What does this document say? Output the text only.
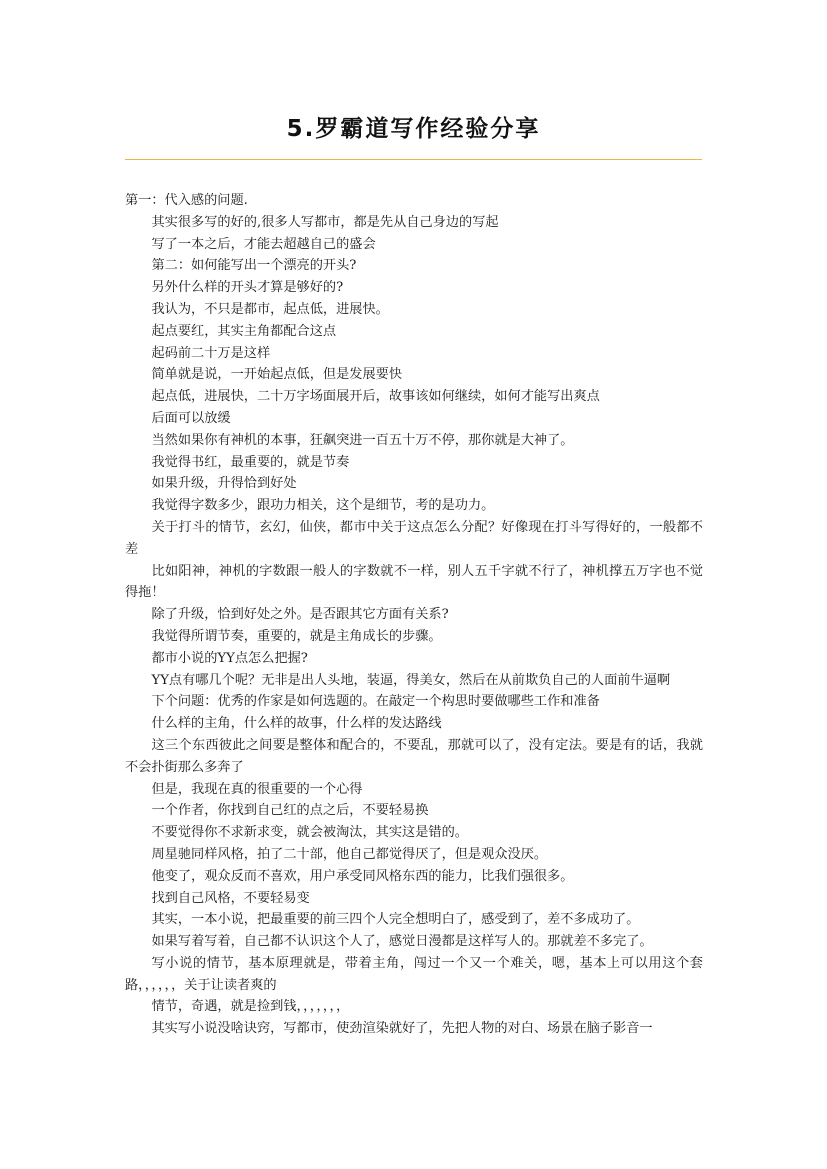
5.罗霸道写作经验分享

第一：代入感的问题.

其实很多写的好的,很多人写都市，都是先从自己身边的写起

写了一本之后，才能去超越自己的盛会

第二：如何能写出一个漂亮的开头?

另外什么样的开头才算是够好的?

我认为，不只是都市，起点低，进展快。

起点要红，其实主角都配合这点

起码前二十万是这样

简单就是说，一开始起点低，但是发展要快

起点低，进展快，二十万字场面展开后，故事该如何继续，如何才能写出爽点

后面可以放缓

当然如果你有神机的本事，狂飙突进一百五十万不停，那你就是大神了。

我觉得书红，最重要的，就是节奏

如果升级，升得恰到好处

我觉得字数多少，跟功力相关，这个是细节，考的是功力。

关于打斗的情节，玄幻，仙侠，都市中关于这点怎么分配？好像现在打斗写得好的，一般都不差

比如阳神，神机的字数跟一般人的字数就不一样，别人五千字就不行了，神机撑五万字也不觉得拖！

除了升级，恰到好处之外。是否跟其它方面有关系?

我觉得所谓节奏，重要的，就是主角成长的步骤。

都市小说的YY点怎么把握?

YY点有哪几个呢？无非是出人头地，装逼，得美女，然后在从前欺负自己的人面前牛逼啊

下个问题：优秀的作家是如何选题的。在敲定一个构思时要做哪些工作和准备

什么样的主角，什么样的故事，什么样的发达路线

这三个东西彼此之间要是整体和配合的，不要乱，那就可以了，没有定法。要是有的话，我就不会扑街那么多奔了

但是，我现在真的很重要的一个心得

一个作者，你找到自己红的点之后，不要轻易换

不要觉得你不求新求变，就会被淘汰，其实这是错的。

周星驰同样风格，拍了二十部，他自己都觉得厌了，但是观众没厌。

他变了，观众反而不喜欢，用户承受同风格东西的能力，比我们强很多。

找到自己风格，不要轻易变

其实，一本小说，把最重要的前三四个人完全想明白了，感受到了，差不多成功了。

如果写着写着，自己都不认识这个人了，感觉日漫都是这样写人的。那就差不多完了。

写小说的情节，基本原理就是，带着主角，闯过一个又一个难关，嗯，基本上可以用这个套路，，，，，，关于让读者爽的

情节，奇遇，就是捡到钱，，，，，，，

其实写小说没啥诀窍，写都市，使劲渲染就好了，先把人物的对白、场景在脑子影音一
